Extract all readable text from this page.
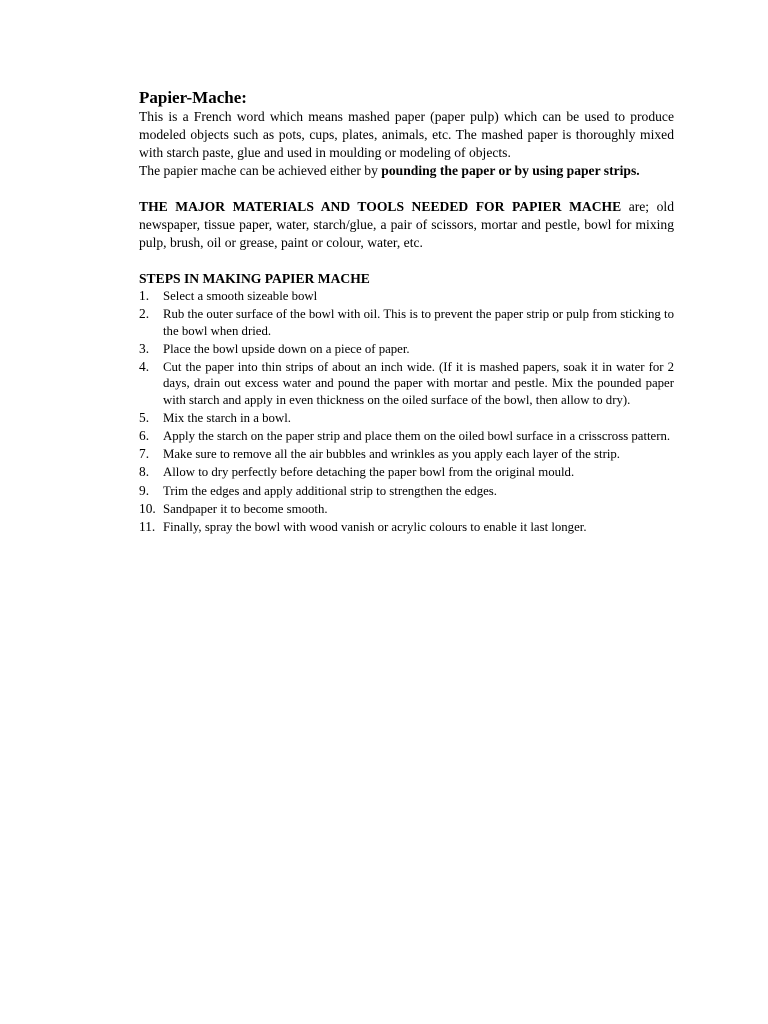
Papier-Mache:

This is a French word which means mashed paper (paper pulp) which can be used to produce modeled objects such as pots, cups, plates, animals, etc. The mashed paper is thoroughly mixed with starch paste, glue and used in moulding or modeling of objects.

The papier mache can be achieved either by pounding the paper or by using paper strips.

THE MAJOR MATERIALS AND TOOLS NEEDED FOR PAPIER MACHE are; old newspaper, tissue paper, water, starch/glue, a pair of scissors, mortar and pestle, bowl for mixing pulp, brush, oil or grease, paint or colour, water, etc.

STEPS IN MAKING PAPIER MACHE

1. Select a smooth sizeable bowl
2. Rub the outer surface of the bowl with oil. This is to prevent the paper strip or pulp from sticking to the bowl when dried.
3. Place the bowl upside down on a piece of paper.
4. Cut the paper into thin strips of about an inch wide. (If it is mashed papers, soak it in water for 2 days, drain out excess water and pound the paper with mortar and pestle. Mix the pounded paper with starch and apply in even thickness on the oiled surface of the bowl, then allow to dry).
5. Mix the starch in a bowl.
6. Apply the starch on the paper strip and place them on the oiled bowl surface in a crisscross pattern.
7. Make sure to remove all the air bubbles and wrinkles as you apply each layer of the strip.
8. Allow to dry perfectly before detaching the paper bowl from the original mould.
9. Trim the edges and apply additional strip to strengthen the edges.
10. Sandpaper it to become smooth.
11. Finally, spray the bowl with wood vanish or acrylic colours to enable it last longer.
